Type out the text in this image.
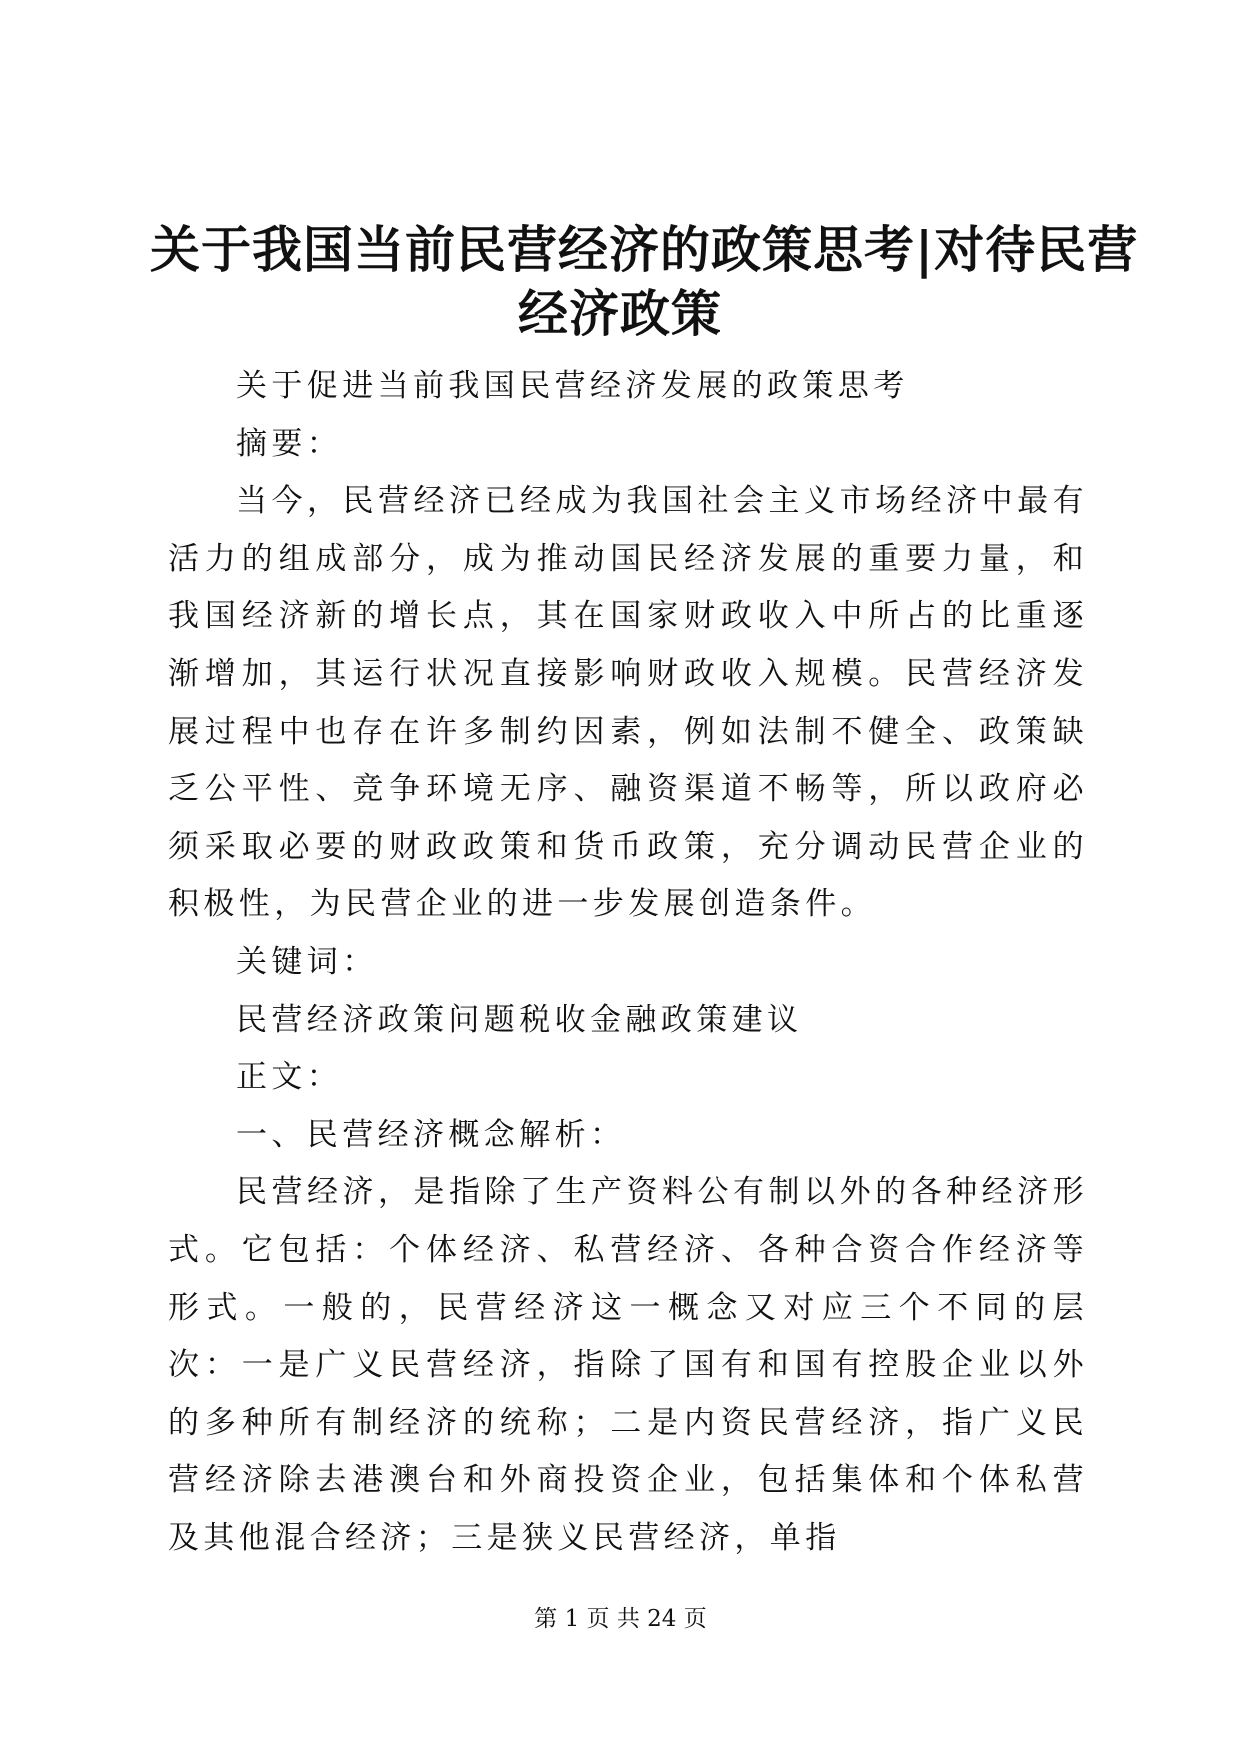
关于我国当前民营经济的政策思考|对待民营
经济政策

关于促进当前我国民营经济发展的政策思考

摘要：

当今，民营经济已经成为我国社会主义市场经济中最有活力的组成部分，成为推动国民经济发展的重要力量，和我国经济新的增长点，其在国家财政收入中所占的比重逐渐增加，其运行状况直接影响财政收入规模。民营经济发展过程中也存在许多制约因素，例如法制不健全、政策缺乏公平性、竞争环境无序、融资渠道不畅等，所以政府必须采取必要的财政政策和货币政策，充分调动民营企业的积极性，为民营企业的进一步发展创造条件。

关键词：

民营经济政策问题税收金融政策建议

正文：

一、民营经济概念解析：

民营经济，是指除了生产资料公有制以外的各种经济形式。它包括：个体经济、私营经济、各种合资合作经济等形式。一般的，民营经济这一概念又对应三个不同的层次：一是广义民营经济，指除了国有和国有控股企业以外的多种所有制经济的统称；二是内资民营经济，指广义民营经济除去港澳台和外商投资企业，包括集体和个体私营及其他混合经济；三是狭义民营经济，单指

第 1 页 共 24 页
